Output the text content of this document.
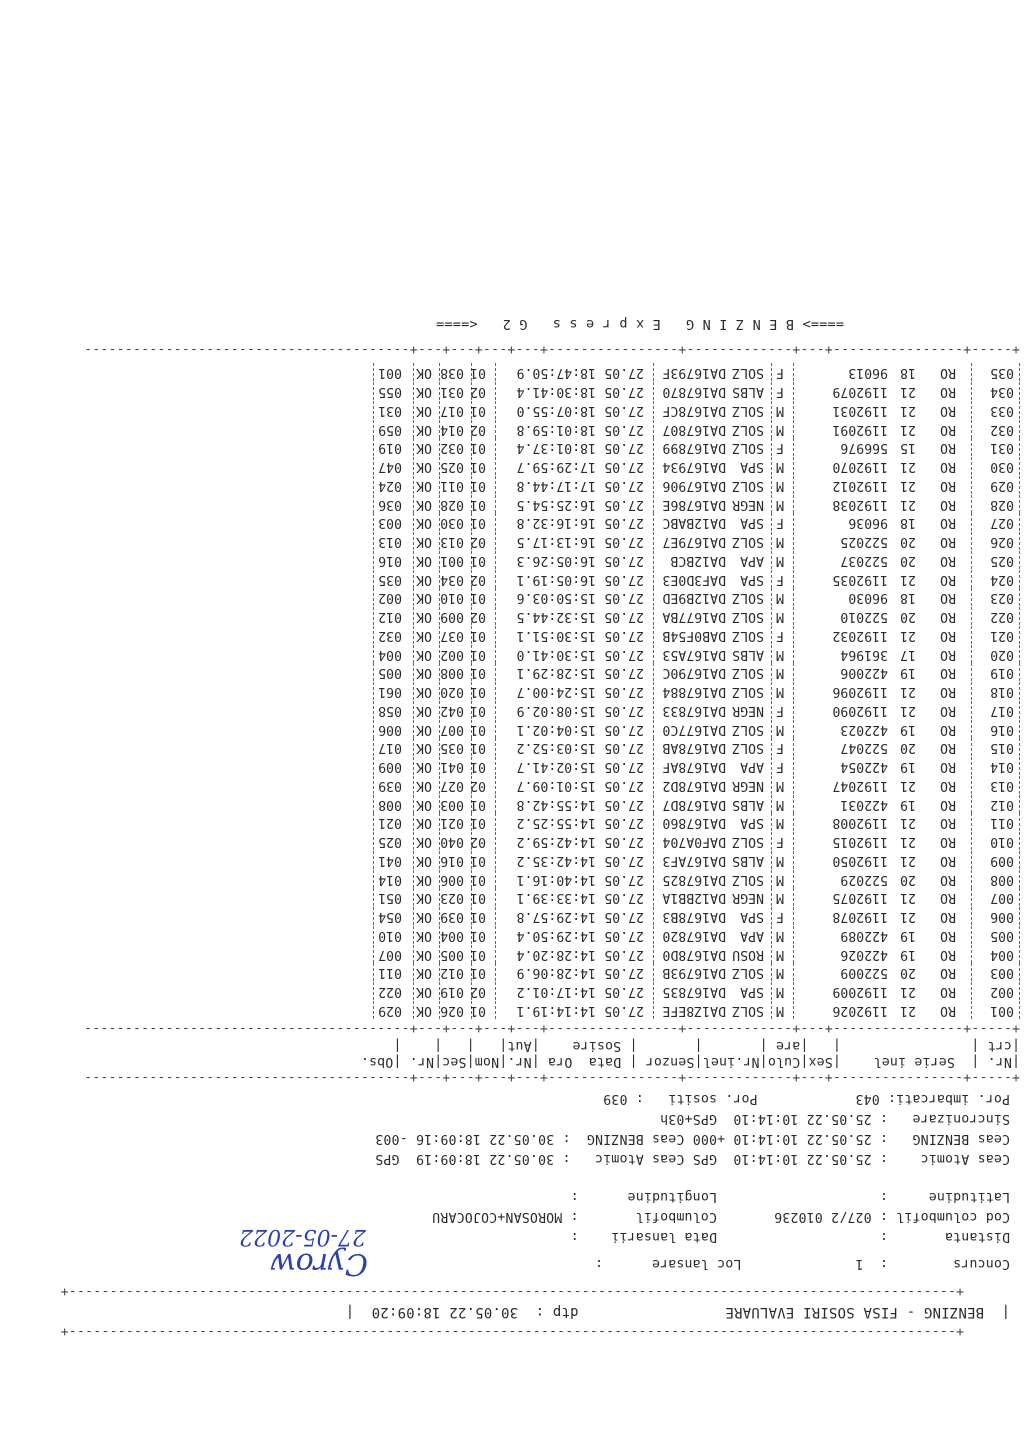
+-------------------------------------------------------------------------------------------------------------+
|  BENZING - FISA SOSIRI EVALUARE                 dtp :  30.05.22 18:09:20  |
+-------------------------------------------------------------------------------------------------------------+
Concurs        :  1              Loc lansare      :
Cyrow
Distanta       :                    Data lansarii    :
27-05-2022
Cod columbofil : 027/2 010236       Columbofil       : MOROSAN+COJOCARU
Latitudine     :                    Longitudine      :
Ceas Atomic    : 25.05.22 10:14:10  GPS Ceas Atomic   : 30.05.22 18:09:19  GPS
Ceas BENZING   : 25.05.22 10:14:10 +000 Ceas BENZING  : 30.05.22 18:09:16 -003
Sincronizare   : 25.05.22 10:14:10  GPS+03h
Por. imbarcati: 043            Por. sositi   : 039
+-----+----------------+---+-------------+----------------+---+---+---+---+----------------------------------------
|Nr. |  Serie inel    |Sex|Culo|Nr.inel|Senzor | Data  Ora |Nr.|Nom|Sec|Nr. |Obs.
|crt |                |   |are |       |       | Sosire    |Aut|   |   |    |
+-----+----------------+---+-------------+----------------+---+---+---+---+----------------------------------------
001
RO
21
1192026
M
SOLZ
DA1Z8EFE
27.05
14:14:19.1
01
026
OK
029
002
RO
21
1192009
M
SPA
DA167835
27.05
14:17:01.2
02
019
OK
022
003
RO
20
522009
M
SOLZ
DA16793B
27.05
14:28:06.9
01
012
OK
011
004
RO
19
422026
M
ROSU
DA1678D0
27.05
14:28:20.4
01
005
OK
007
005
RO
19
422089
M
APA
DA167820
27.05
14:29:50.4
01
004
OK
010
006
RO
21
1192078
F
SPA
DA1678B3
27.05
14:29:57.8
01
039
OK
054
007
RO
21
1192075
M
NEGR
DA12BB1A
27.05
14:33:39.1
01
023
OK
051
008
RO
20
522029
M
SOLZ
DA167825
27.05
14:40:16.1
01
006
OK
014
009
RO
21
1192050
M
ALBS
DA167AF3
27.05
14:42:35.2
01
016
OK
041
010
RO
21
1192015
F
SOLZ
DAF0A704
27.05
14:42:59.2
02
040
OK
025
011
RO
21
1192008
M
SPA
DA167860
27.05
14:55:25.2
01
021
OK
021
012
RO
19
422031
M
ALBS
DA1678D7
27.05
14:55:42.8
01
003
OK
008
013
RO
21
1192047
M
NEGR
DA1678D2
27.05
15:01:09.7
02
027
OK
039
014
RO
19
422054
F
APA
DA1678AF
27.05
15:02:41.7
01
041
OK
009
015
RO
20
522047
F
SOLZ
DA1678AB
27.05
15:03:52.2
01
035
OK
017
016
RO
19
422023
M
SOLZ
DA1677C0
27.05
15:04:02.1
01
007
OK
006
017
RO
21
1192090
F
NEGR
DA167833
27.05
15:08:02.9
01
042
OK
058
018
RO
21
1192096
M
SOLZ
DA167884
27.05
15:24:00.7
01
020
OK
061
019
RO
19
422006
M
SOLZ
DA16790C
27.05
15:28:29.1
01
008
OK
005
020
RO
17
361964
M
ALBS
DA167A53
27.05
15:30:41.0
01
002
OK
004
021
RO
21
1192032
F
SOLZ
DAB0F54B
27.05
15:30:51.1
01
037
OK
032
022
RO
20
522010
M
SOLZ
DA1677BA
27.05
15:32:44.5
02
009
OK
012
023
RO
18
96030
M
SOLZ
DA12B9ED
27.05
15:50:03.6
01
010
OK
002
024
RO
21
1192035
F
SPA
DAF3D0E3
27.05
16:05:19.1
02
034
OK
035
025
RO
20
522037
M
APA
DA12BCB
27.05
16:05:26.3
01
001
OK
016
026
RO
20
522025
M
SOLZ
DA1679E7
27.05
16:13:17.5
02
013
OK
013
027
RO
18
96036
F
SPA
DA12BABC
27.05
16:16:32.8
01
030
OK
003
028
RO
21
1192038
M
NEGR
DA16786E
27.05
16:25:54.5
01
028
OK
036
029
RO
21
1192012
M
SOLZ
DA167906
27.05
17:17:44.8
01
011
OK
024
030
RO
21
1192070
M
SPA
DA167934
27.05
17:29:59.7
01
025
OK
047
031
RO
15
566976
F
SOLZ
DA167899
27.05
18:01:37.4
01
032
OK
019
032
RO
21
1192091
M
SOLZ
DA167807
27.05
18:01:59.8
02
014
OK
059
033
RO
21
1192031
M
SOLZ
DA1678CF
27.05
18:07:55.0
01
017
OK
031
034
RO
21
1192079
F
ALBS
DA167870
27.05
18:30:41.4
02
031
OK
055
035
RO
18
96013
F
SOLZ
DA16793F
27.05
18:47:50.9
01
038
OK
001
+-----+----------------+---+-------------+----------------+---+---+---+---+----------------------------------------
====> B E N Z I N G   E x p r e s s   G 2   <====
